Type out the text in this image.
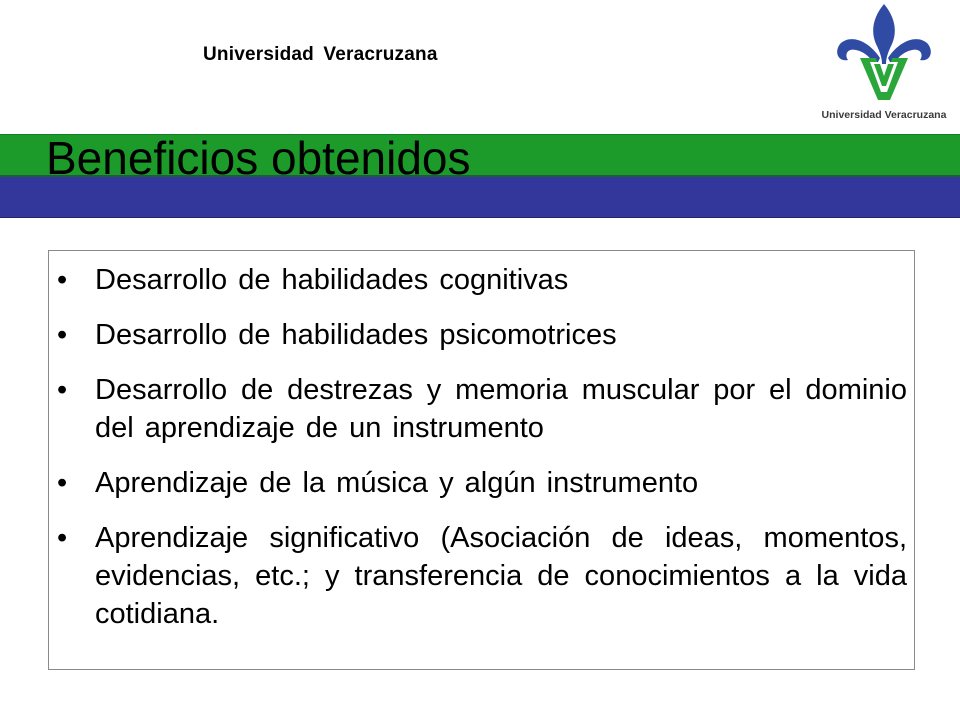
Universidad Veracruzana
Universidad Veracruzana
Beneficios obtenidos
• Desarrollo de habilidades cognitivas
• Desarrollo de habilidades psicomotrices
• Desarrollo de destrezas y memoria muscular por el dominio del aprendizaje de un instrumento
• Aprendizaje de la música y algún instrumento
• Aprendizaje significativo (Asociación de ideas, momentos, evidencias, etc.; y transferencia de conocimientos a la vida cotidiana.
